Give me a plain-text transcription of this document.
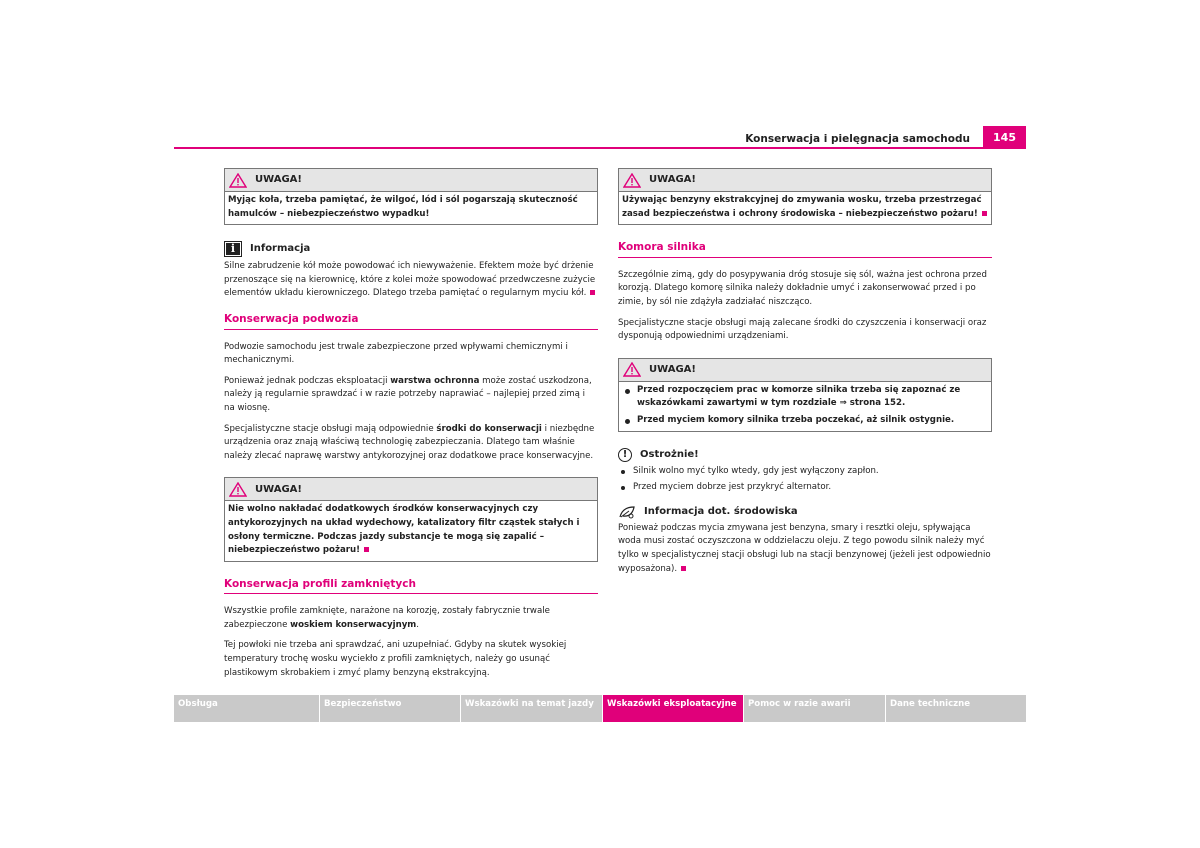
Konserwacja i pielęgnacja samochodu	145
UWAGA!
Myjąc koła, trzeba pamiętać, że wilgoć, lód i sól pogarszają skuteczność hamulców – niebezpieczeństwo wypadku!
i	Informacja
Silne zabrudzenie kół może powodować ich niewyważenie. Efektem może być drżenie przenoszące się na kierownicę, które z kolei może spowodować przedwczesne zużycie elementów układu kierowniczego. Dlatego trzeba pamiętać o regularnym myciu kół.
Konserwacja podwozia

Podwozie samochodu jest trwale zabezpieczone przed wpływami chemicznymi i mechanicznymi.

Ponieważ jednak podczas eksploatacji warstwa ochronna może zostać uszkodzona, należy ją regularnie sprawdzać i w razie potrzeby naprawiać – najlepiej przed zimą i na wiosnę.

Specjalistyczne stacje obsługi mają odpowiednie środki do konserwacji i niezbędne urządzenia oraz znają właściwą technologię zabezpieczania. Dlatego tam właśnie należy zlecać naprawę warstwy antykorozyjnej oraz dodatkowe prace konserwacyjne.

UWAGA!
Nie wolno nakładać dodatkowych środków konserwacyjnych czy antykorozyjnych na układ wydechowy, katalizatory filtr cząstek stałych i osłony termiczne. Podczas jazdy substancje te mogą się zapalić – niebezpieczeństwo pożaru!
Konserwacja profili zamkniętych

Wszystkie profile zamknięte, narażone na korozję, zostały fabrycznie trwale zabezpieczone woskiem konserwacyjnym.

Tej powłoki nie trzeba ani sprawdzać, ani uzupełniać. Gdyby na skutek wysokiej temperatury trochę wosku wyciekło z profili zamkniętych, należy go usunąć plastikowym skrobakiem i zmyć plamy benzyną ekstrakcyjną.

UWAGA!
Używając benzyny ekstrakcyjnej do zmywania wosku, trzeba przestrzegać zasad bezpieczeństwa i ochrony środowiska – niebezpieczeństwo pożaru!
Komora silnika

Szczególnie zimą, gdy do posypywania dróg stosuje się sól, ważna jest ochrona przed korozją. Dlatego komorę silnika należy dokładnie umyć i zakonserwować przed i po zimie, by sól nie zdążyła zadziałać niszcząco.

Specjalistyczne stacje obsługi mają zalecane środki do czyszczenia i konserwacji oraz dysponują odpowiednimi urządzeniami.

UWAGA!
Przed rozpoczęciem prac w komorze silnika trzeba się zapoznać ze wskazówkami zawartymi w tym rozdziale ⇒ strona 152.
Przed myciem komory silnika trzeba poczekać, aż silnik ostygnie.
!	Ostrożnie!
Silnik wolno myć tylko wtedy, gdy jest wyłączony zapłon.
Przed myciem dobrze jest przykryć alternator.
Informacja dot. środowiska
Ponieważ podczas mycia zmywana jest benzyna, smary i resztki oleju, spływająca woda musi zostać oczyszczona w oddzielaczu oleju. Z tego powodu silnik należy myć tylko w specjalistycznej stacji obsługi lub na stacji benzynowej (jeżeli jest odpowiednio wyposażona).
Obsługa	Bezpieczeństwo	Wskazówki na temat jazdy	Wskazówki eksploatacyjne	Pomoc w razie awarii	Dane techniczne
